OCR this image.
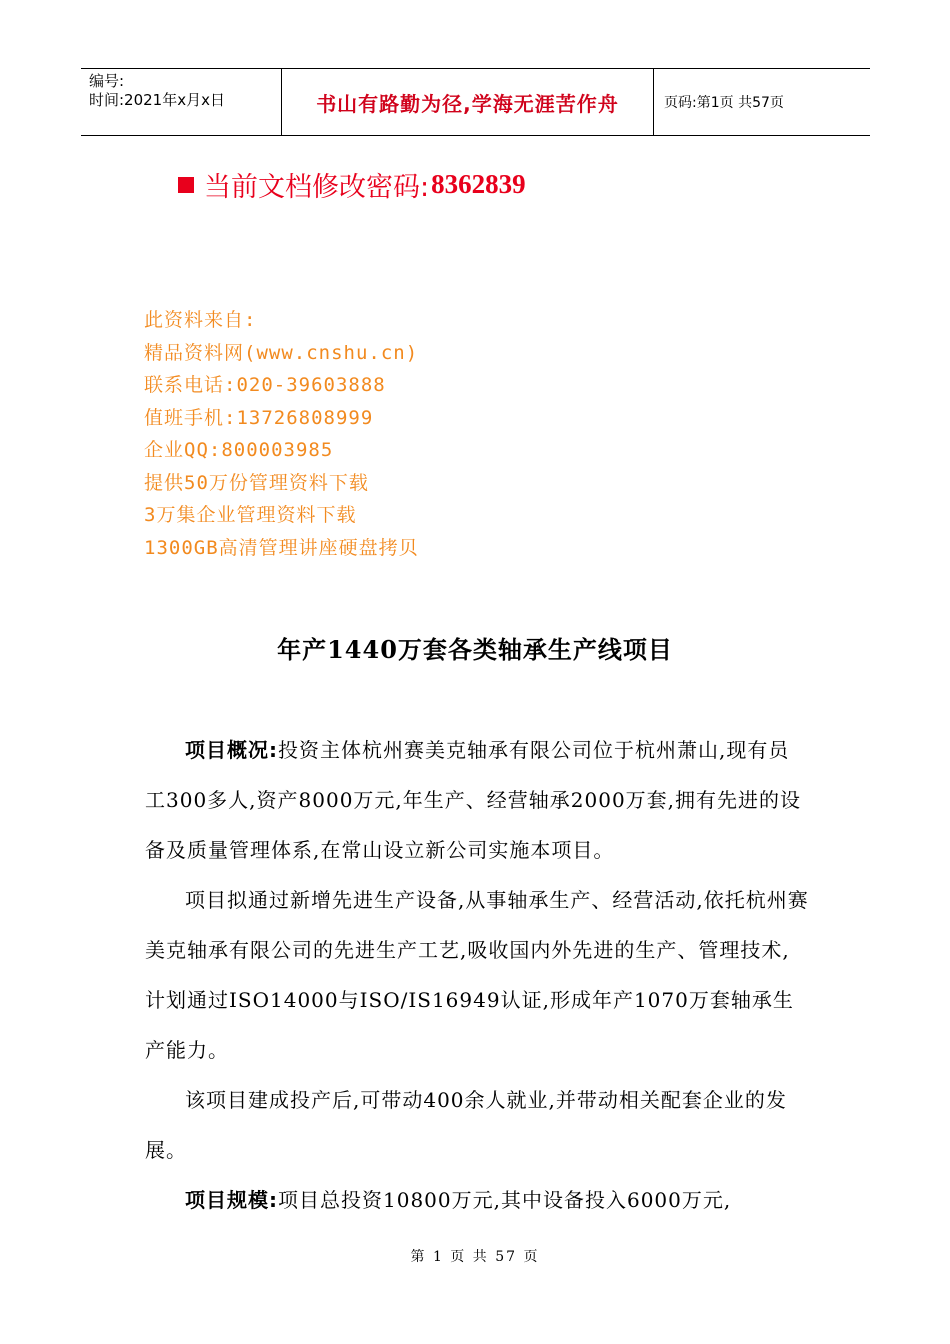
编号:
时间:2021年x月x日	书山有路勤为径,学海无涯苦作舟	页码:第1页 共57页
当前文档修改密码: 8362839
此资料来自:
精品资料网(www.cnshu.cn)
联系电话:020-39603888
值班手机:13726808999
企业QQ:800003985
提供50万份管理资料下载
3万集企业管理资料下载
1300GB高清管理讲座硬盘拷贝
年产1440万套各类轴承生产线项目

项目概况:投资主体杭州赛美克轴承有限公司位于杭州萧山,现有员工300多人,资产8000万元,年生产、经营轴承2000万套,拥有先进的设备及质量管理体系,在常山设立新公司实施本项目。

项目拟通过新增先进生产设备,从事轴承生产、经营活动,依托杭州赛美克轴承有限公司的先进生产工艺,吸收国内外先进的生产、管理技术,计划通过ISO14000与ISO/IS16949认证,形成年产1070万套轴承生产能力。

该项目建成投产后,可带动400余人就业,并带动相关配套企业的发展。

项目规模:项目总投资10800万元,其中设备投入6000万元,

第 1 页 共 57 页
